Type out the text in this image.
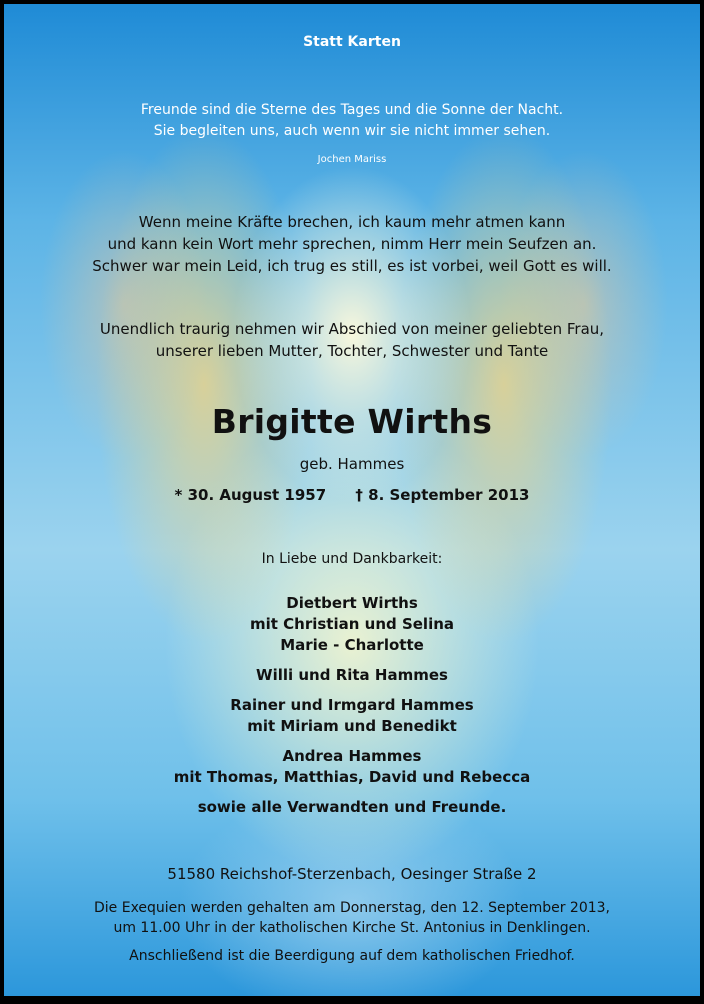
Statt Karten
Freunde sind die Sterne des Tages und die Sonne der Nacht.
Sie begleiten uns, auch wenn wir sie nicht immer sehen.
Jochen Mariss
Wenn meine Kräfte brechen, ich kaum mehr atmen kann
und kann kein Wort mehr sprechen, nimm Herr mein Seufzen an.
Schwer war mein Leid, ich trug es still, es ist vorbei, weil Gott es will.
Unendlich traurig nehmen wir Abschied von meiner geliebten Frau,
unserer lieben Mutter, Tochter, Schwester und Tante
Brigitte Wirths
geb. Hammes
* 30. August 1957 † 8. September 2013
In Liebe und Dankbarkeit:
Dietbert Wirths
mit Christian und Selina
Marie - Charlotte
Willi und Rita Hammes
Rainer und Irmgard Hammes
mit Miriam und Benedikt
Andrea Hammes
mit Thomas, Matthias, David und Rebecca
sowie alle Verwandten und Freunde.
51580 Reichshof-Sterzenbach, Oesinger Straße 2
Die Exequien werden gehalten am Donnerstag, den 12. September 2013,
um 11.00 Uhr in der katholischen Kirche St. Antonius in Denklingen.
Anschließend ist die Beerdigung auf dem katholischen Friedhof.
